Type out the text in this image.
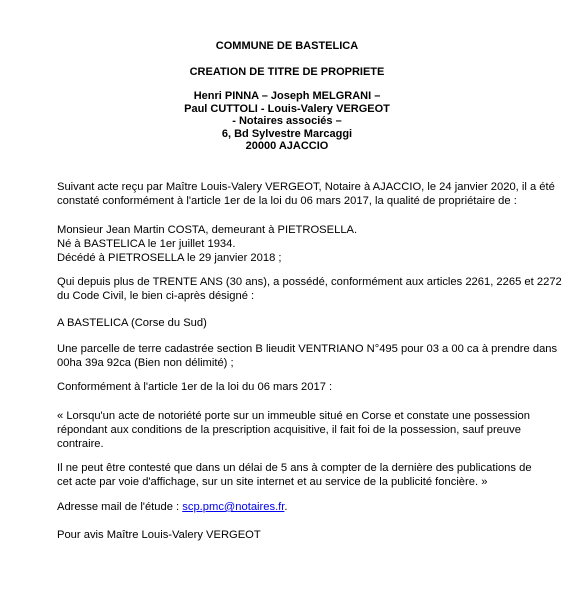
COMMUNE DE BASTELICA
CREATION DE TITRE DE PROPRIETE
Henri PINNA – Joseph MELGRANI –
Paul CUTTOLI - Louis-Valery VERGEOT
- Notaires associés –
6, Bd Sylvestre Marcaggi
20000 AJACCIO
Suivant acte reçu par Maître Louis-Valery VERGEOT, Notaire à AJACCIO, le 24 janvier 2020, il a été
constaté conformément à l'article 1er de la loi du 06 mars 2017, la qualité de propriétaire de :
Monsieur Jean Martin COSTA, demeurant à PIETROSELLA.
Né à BASTELICA le 1er juillet 1934.
Décédé à PIETROSELLA le 29 janvier 2018 ;
Qui depuis plus de TRENTE ANS (30 ans), a possédé, conformément aux articles 2261, 2265 et 2272
du Code Civil, le bien ci-après désigné :
A BASTELICA (Corse du Sud)
Une parcelle de terre cadastrée section B lieudit VENTRIANO N°495 pour 03 a 00 ca à prendre dans
00ha 39a 92ca (Bien non délimité) ;
Conformément à l'article 1er de la loi du 06 mars 2017 :
« Lorsqu'un acte de notoriété porte sur un immeuble situé en Corse et constate une possession
répondant aux conditions de la prescription acquisitive, il fait foi de la possession, sauf preuve
contraire.
Il ne peut être contesté que dans un délai de 5 ans à compter de la dernière des publications de
cet acte par voie d'affichage, sur un site internet et au service de la publicité foncière. »
Adresse mail de l'étude : scp.pmc@notaires.fr.
Pour avis Maître Louis-Valery VERGEOT
